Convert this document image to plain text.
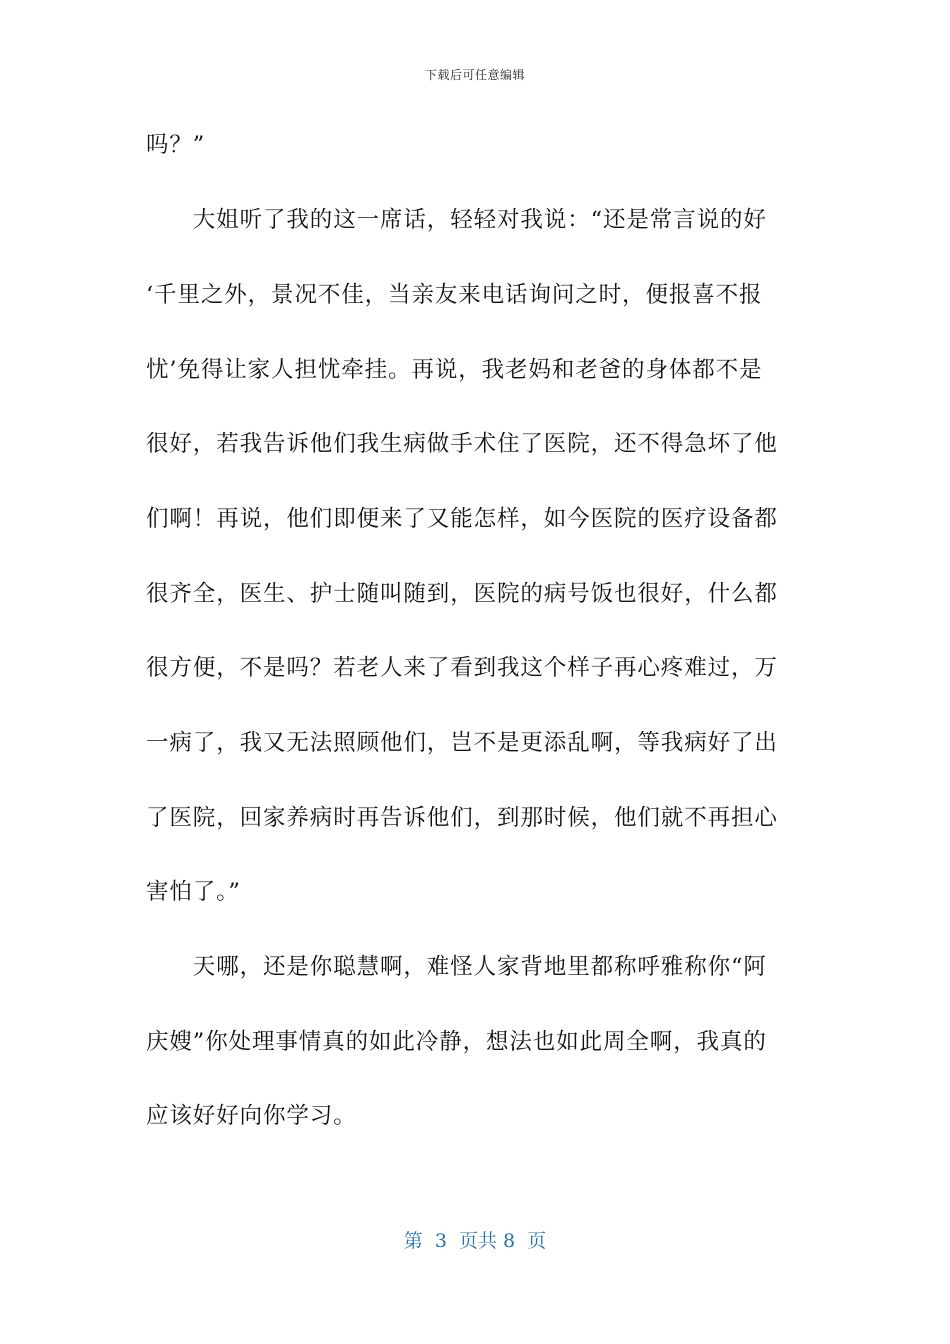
下载后可任意编辑
吗？”
　　大姐听了我的这一席话，轻轻对我说：“还是常言说的好
‘千里之外，景况不佳，当亲友来电话询问之时，便报喜不报
忧’免得让家人担忧牵挂。再说，我老妈和老爸的身体都不是
很好，若我告诉他们我生病做手术住了医院，还不得急坏了他
们啊！再说，他们即便来了又能怎样，如今医院的医疗设备都
很齐全，医生、护士随叫随到，医院的病号饭也很好，什么都
很方便，不是吗？若老人来了看到我这个样子再心疼难过，万
一病了，我又无法照顾他们，岂不是更添乱啊，等我病好了出
了医院，回家养病时再告诉他们，到那时候，他们就不再担心
害怕了。”
　　天哪，还是你聪慧啊，难怪人家背地里都称呼雅称你“阿
庆嫂”你处理事情真的如此冷静，想法也如此周全啊，我真的
应该好好向你学习。
第  3  页共 8  页
